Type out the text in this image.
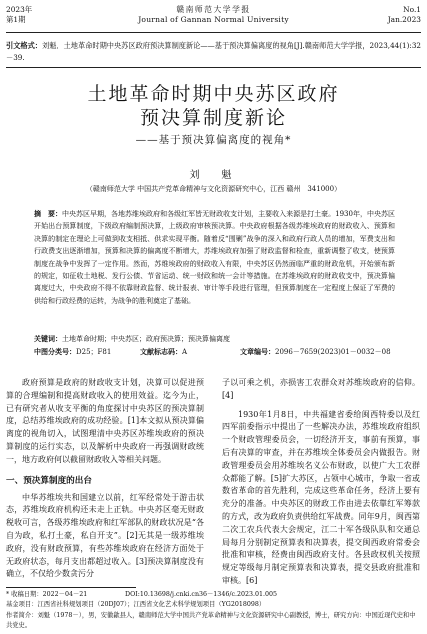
2023年
第1期
赣南师范大学学报
Journal of Gannan Normal University
No.1
Jan.2023
引文格式：刘魁．土地革命时期中央苏区政府预决算制度新论——基于预决算偏离度的视角[J].赣南师范大学学报，2023,44(1):32－39.
土地革命时期中央苏区政府
预决算制度新论
——基于预决算偏离度的视角*
刘　魁
（赣南师范大学 中国共产党革命精神与文化资源研究中心，江西 赣州　341000）
摘　要：中央苏区早期，各地苏维埃政府和各级红军皆无财政收支计划，主要收入来源是打土豪。1930年，中央苏区开始出台预算制度，下级政府编制预决算，上级政府审核预决算。中央政府根据各级苏维埃政府的财政收入、预算和决算的制定在理论上可做到收支相抵、供求实现平衡。随着反“围剿”战争的深入和政府行政人员的增加，军费支出和行政费支出逐渐增加，预算和决算的偏离度不断增大，苏维埃政府加强了财政监督和检查，重新调整了收支，使预算制度在战争中发挥了一定作用。然而，苏维埃政府的财政收入有限，中央苏区仍然面临严重的财政危机，开始颁布新的规定，如征收土地税、发行公债、节省运动、统一财政和统一会计等措施。在苏维埃政府的财政收支中，预决算偏离度过大，中央政府不得不依靠财政监督、统计报表、审计等手段进行管理，但预算制度在一定程度上保证了军费的供给和行政经费的运转，为战争的胜利奠定了基础。
关键词：土地革命时期；中央苏区；政府预决算；预决算偏离度
中图分类号：D25；F81	文献标志码：A	文章编号：2096－7659(2023)01－0032－08

政府预算是政府的财政收支计划，决算可以促进预算的合理编制和提高财政收入的使用效益。迄今为止，已有研究者从收支平衡的角度探讨中央苏区的预决算制度，总结苏维埃政府的成功经验。[1]本文拟从预决算偏离度的视角切入，试图理清中央苏区苏维埃政府的预决算制度的运行实态，以及解析中央政府一再强调财政统一，地方政府何以截留财政收入等相关问题。

一、预决算制度的出台

中华苏维埃共和国建立以前，红军经常处于游击状态，苏维埃政府机构还未走上正轨。中央苏区毫无财政税收可言，各级苏维埃政府和红军部队的财政状况是“各自为政，私打土豪，私自开支”。[2]无其是一级苏维埃政府，没有财政预算，有些苏维埃政府在经济方面处于无政府状态，每月支出都超过收入。[3]预决算制度没有确立，不仅给少数贪污分

子以可乘之机，亦损害工农群众对苏维埃政府的信仰。[4]

1930年1月8日，中共福建省委给闽西特委以及红四军前委指示中提出了一些解决办法，苏维埃政府组织一个财政管理委员会，一切经济开支，事前有预算，事后有决算的审查，并在苏维埃全体委员会内做报告。财政管理委员会用苏维埃名义公布财政，以使广大工农群众都能了解。[5]扩大苏区，占领中心城市，争取一省或数省革命的首先胜利，完成这些革命任务，经济上要有充分的准备。中央苏区的财政工作由进去依靠红军筹款的方式，改为政府负责供给红军战费。同年9月，闽西第二次工农兵代表大会规定，江二十军各级队队和交通总局每月分别制定预算表和决算表，提交闽西政府常委会批准和审核，经费由闽西政府支付。各县政权机关按照规定等级每月制定预算表和决算表，提交县政府批准和审核。[6]

* 收稿日期：2022－04－21　　　　　　DOI:10.13698/j.cnki.cn36－1346/c.2023.01.005
基金项目：江西省社科规划项目（20DJ07）；江西省文化艺术科学规划项目（YG2018098）
作者简介：刘魁（1978－），男，安徽歙县人，赣南师范大学中国共产党革命精神与文化资源研究中心副教授，博士，研究方向：中国近现代史和中共党史。
